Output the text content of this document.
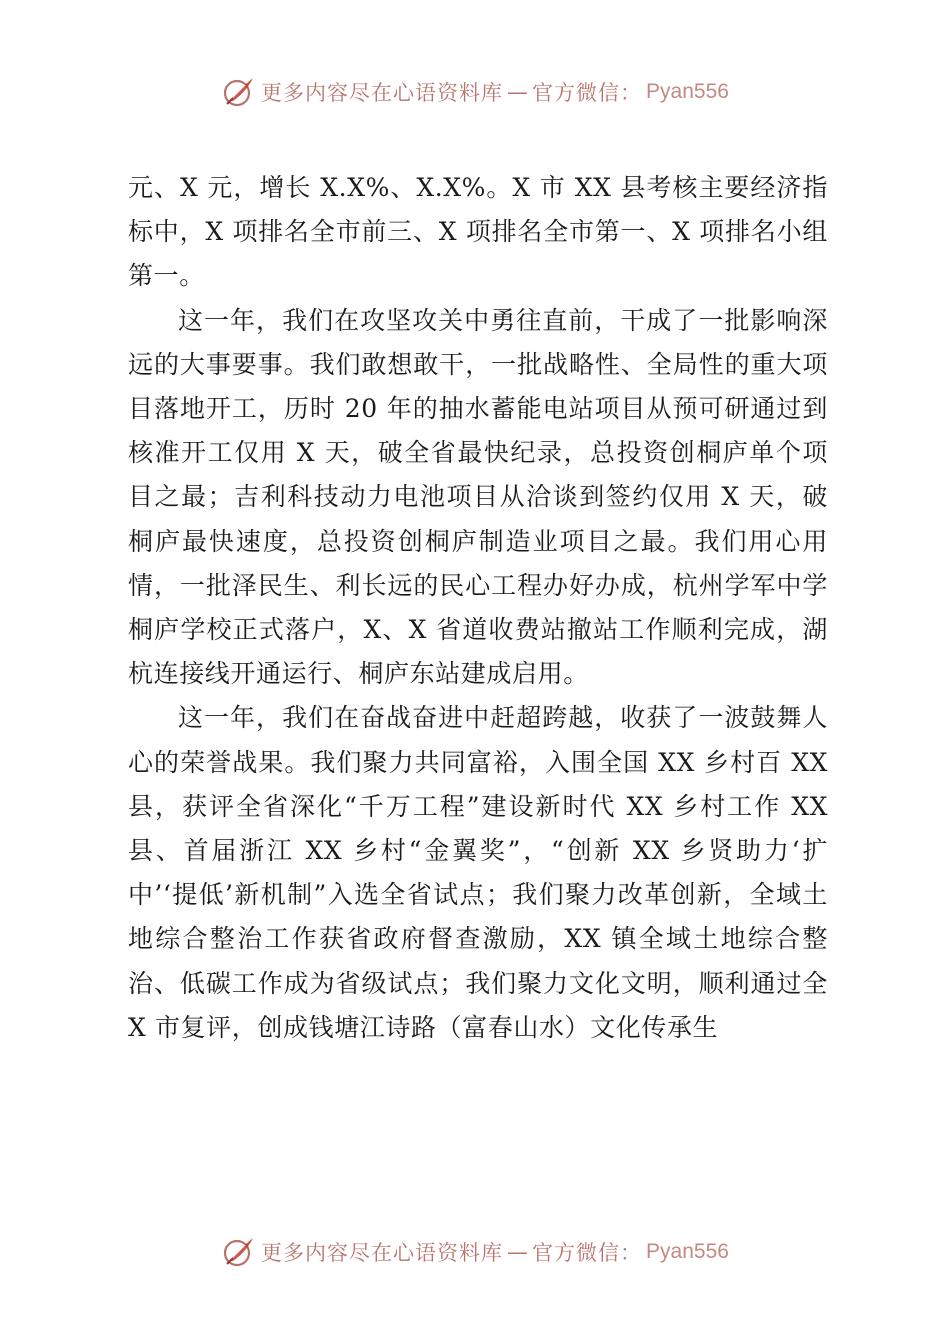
更多内容尽在心语资料库 — 官方微信： Pyan556

元、X 元，增长 X.X%、X.X%。X 市 XX 县考核主要经济指标中，X 项排名全市前三、X 项排名全市第一、X 项排名小组第一。

这一年，我们在攻坚攻关中勇往直前，干成了一批影响深远的大事要事。我们敢想敢干，一批战略性、全局性的重大项目落地开工，历时 20 年的抽水蓄能电站项目从预可研通过到核准开工仅用 X 天，破全省最快纪录，总投资创桐庐单个项目之最；吉利科技动力电池项目从洽谈到签约仅用 X 天，破桐庐最快速度，总投资创桐庐制造业项目之最。我们用心用情，一批泽民生、利长远的民心工程办好办成，杭州学军中学桐庐学校正式落户，X、X 省道收费站撤站工作顺利完成，湖杭连接线开通运行、桐庐东站建成启用。

这一年，我们在奋战奋进中赶超跨越，收获了一波鼓舞人心的荣誉战果。我们聚力共同富裕，入围全国 XX 乡村百 XX 县，获评全省深化“千万工程”建设新时代 XX 乡村工作 XX 县、首届浙江 XX 乡村“金翼奖”，“创新 XX 乡贤助力‘扩中’‘提低’新机制”入选全省试点；我们聚力改革创新，全域土地综合整治工作获省政府督查激励，XX 镇全域土地综合整治、低碳工作成为省级试点；我们聚力文化文明，顺利通过全 X 市复评，创成钱塘江诗路（富春山水）文化传承生

更多内容尽在心语资料库 — 官方微信： Pyan556
